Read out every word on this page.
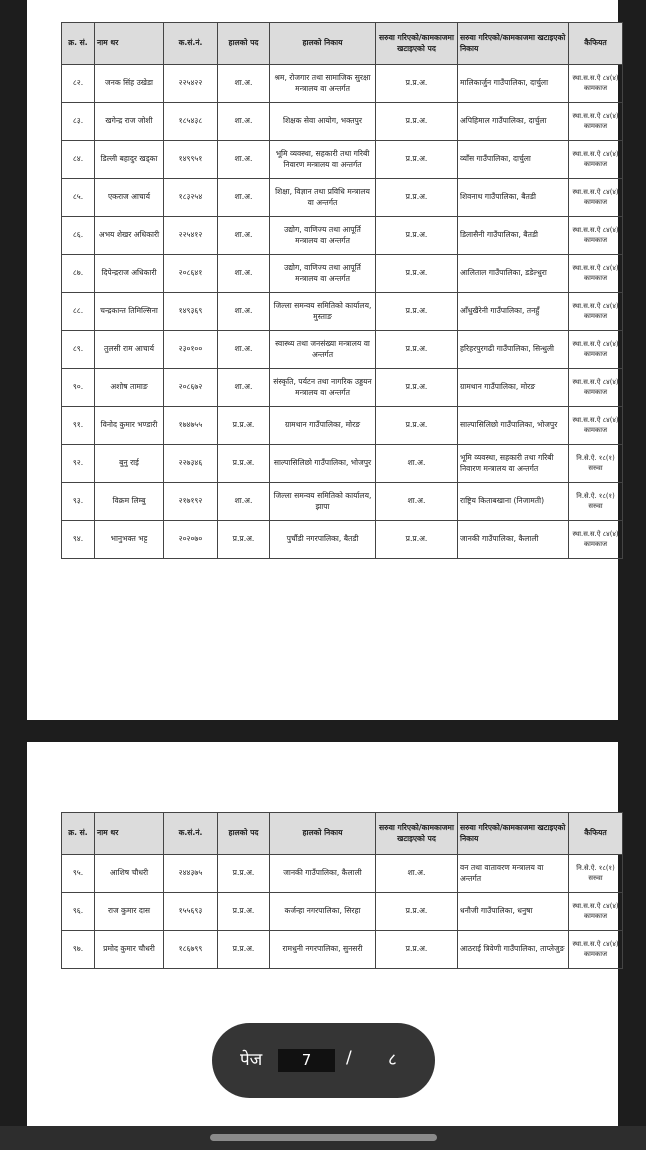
क्र. सं.	नाम थर	क.सं.नं.	हालको पद	हालको निकाय	सरुवा गरिएको/कामकाजमा खटाइएको पद	सरुवा गरिएको/कामकाजमा खटाइएको निकाय	कैफियत
८२.	जनक सिंह उखेडा	२२५४२२	शा.अ.	श्रम, रोजगार तथा सामाजिक सुरक्षा मन्त्रालय वा अन्तर्गत	प्र.प्र.अ.	मालिकार्जुन गाउँपालिका, दार्चुला	स्था.स.स.ऐ ८४(४) कामकाज
८३.	खगेन्द्र राज जोशी	१८५४३८	शा.अ.	शिक्षक सेवा आयोग, भक्तपुर	प्र.प्र.अ.	अपिहिमाल गाउँपालिका, दार्चुला	स्था.स.स.ऐ ८४(४) कामकाज
८४.	डिल्ली बहादुर खड्का	१४९९५१	शा.अ.	भूमि व्यवस्था, सहकारी तथा गरिबी निवारण मन्त्रालय वा अन्तर्गत	प्र.प्र.अ.	व्याँस गाउँपालिका, दार्चुला	स्था.स.स.ऐ ८४(४) कामकाज
८५.	एकराज आचार्य	१८३२५४	शा.अ.	शिक्षा, विज्ञान तथा प्रविधि मन्त्रालय वा अन्तर्गत	प्र.प्र.अ.	शिवनाथ गाउँपालिका, बैतडी	स्था.स.स.ऐ ८४(४) कामकाज
८६.	अभय शेखर अधिकारी	२२५४१२	शा.अ.	उद्योग, वाणिज्य तथा आपूर्ति मन्त्रालय वा अन्तर्गत	प्र.प्र.अ.	डिलासैनी गाउँपालिका, बैतडी	स्था.स.स.ऐ ८४(४) कामकाज
८७.	दिपेन्द्रराज अधिकारी	२०८६४१	शा.अ.	उद्योग, वाणिज्य तथा आपूर्ति मन्त्रालय वा अन्तर्गत	प्र.प्र.अ.	आलिताल गाउँपालिका, डडेल्धुरा	स्था.स.स.ऐ ८४(४) कामकाज
८८.	चन्द्रकान्त तिमिल्सिना	१४९३६९	शा.अ.	जिल्ला समन्वय समितिको कार्यालय, मुस्ताङ	प्र.प्र.अ.	आँधुखैरेनी गाउँपालिका, तनहुँ	स्था.स.स.ऐ ८४(४) कामकाज
८९.	तुलसी राम आचार्य	२३०१००	शा.अ.	स्वास्थ्य तथा जनसंख्या मन्त्रालय वा अन्तर्गत	प्र.प्र.अ.	हरिहरपुरगढी गाउँपालिका, सिन्धुली	स्था.स.स.ऐ ८४(४) कामकाज
९०.	अशोष तामाङ	२०८६७२	शा.अ.	संस्कृति, पर्यटन तथा नागरिक उड्डयन मन्त्रालय वा अन्तर्गत	प्र.प्र.अ.	ग्रामथान गाउँपालिका, मोरङ	स्था.स.स.ऐ ८४(४) कामकाज
९१.	विनोद कुमार भण्डारी	१७४७५५	प्र.प्र.अ.	ग्रामथान गाउँपालिका, मोरङ	प्र.प्र.अ.	साल्पासिलिछो गाउँपालिका, भोजपुर	स्था.स.स.ऐ ८४(४) कामकाज
९२.	बुनु राई	२२७३४६	प्र.प्र.अ.	साल्पासिलिछो गाउँपालिका, भोजपुर	शा.अ.	भूमि व्यवस्था, सहकारी तथा गरिबी निवारण मन्त्रालय वा अन्तर्गत	नि.से.ऐ. १८(१) सरुवा
९३.	विक्रम लिम्बु	२१७१९२	शा.अ.	जिल्ला समन्वय समितिको कार्यालय, झापा	शा.अ.	राष्ट्रिय किताबखाना (निजामती)	नि.से.ऐ. १८(१) सरुवा
९४.	भानुभक्त भट्ट	२०२०७०	प्र.प्र.अ.	पुर्चौडी नगरपालिका, बैतडी	प्र.प्र.अ.	जानकी गाउँपालिका, कैलाली	स्था.स.स.ऐ ८४(४) कामकाज
क्र. सं.	नाम थर	क.सं.नं.	हालको पद	हालको निकाय	सरुवा गरिएको/कामकाजमा खटाइएको पद	सरुवा गरिएको/कामकाजमा खटाइएको निकाय	कैफियत
९५.	आशिष चौधरी	२४४३७५	प्र.प्र.अ.	जानकी गाउँपालिका, कैलाली	शा.अ.	वन तथा वातावरण मन्त्रालय वा अन्तर्गत	नि.से.ऐ. १८(१) सरुवा
९६.	राज कुमार दास	१५५६९३	प्र.प्र.अ.	कर्जन्हा नगरपालिका, सिरहा	प्र.प्र.अ.	धनौजी गाउँपालिका, धनुषा	स्था.स.स.ऐ ८४(४) कामकाज
९७.	प्रमोद कुमार चौधरी	१८६७९९	प्र.प्र.अ.	रामधुनी नगरपालिका, सुनसरी	प्र.प्र.अ.	आठराई त्रिवेणी गाउँपालिका, ताप्लेजुङ	स्था.स.स.ऐ ८४(४) कामकाज
पेज	7	/ ८
